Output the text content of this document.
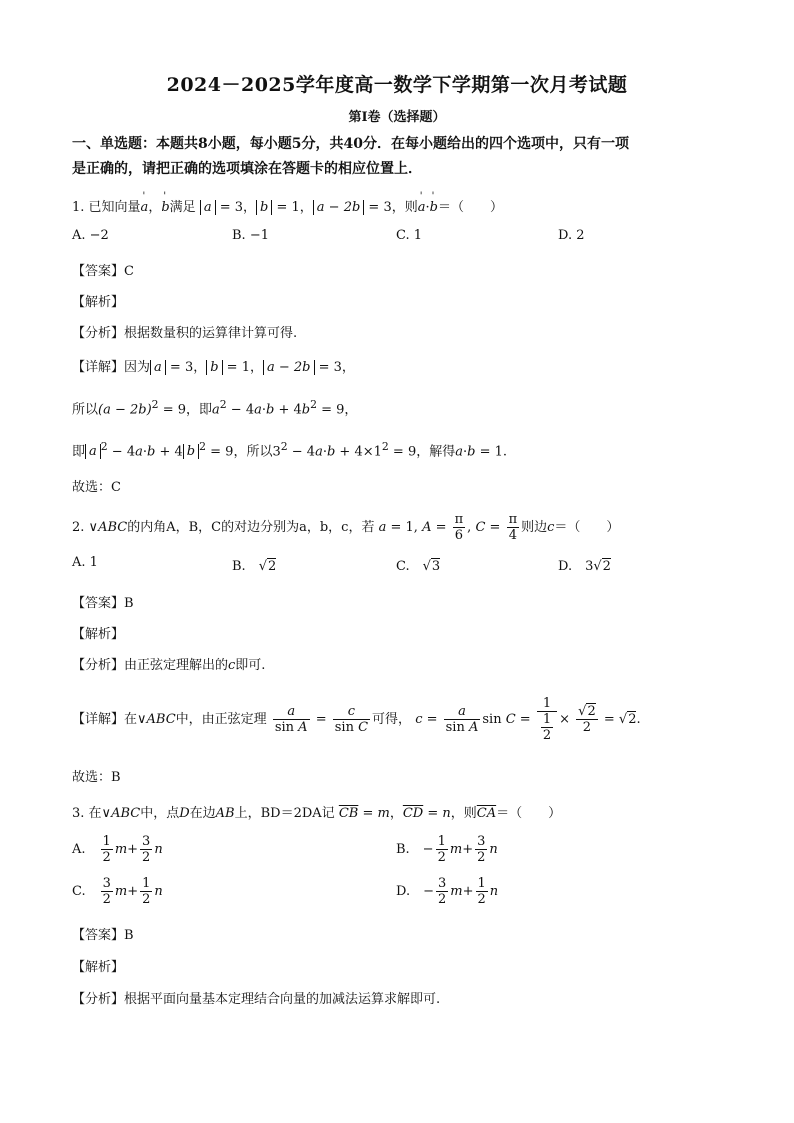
2024－2025学年度高一数学下学期第一次月考试题
第Ⅰ卷（选择题）
一、单选题：本题共8小题，每小题5分，共40分．在每小题给出的四个选项中，只有一项
是正确的，请把正确的选项填涂在答题卡的相应位置上．
1. 已知向量' a，' b满足 a = 3， b = 1， a − 2b = 3，则' a·' b＝（　　）
A. −2	B. −1	C. 1	D. 2
【答案】C
【解析】
【分析】根据数量积的运算律计算可得.
【详解】因为 a = 3， b = 1， a − 2b = 3，
所以$(a - 2b)^2 = 9$，即$a^2 - 4a\cdot b + 4b^2 = 9$，
即 a $^2$ − 4a·b + 4 b $^2$ = 9，所以$3^2 - 4a\cdot b + 4\times 1^2 = 9$，解得a·b = 1.
故选：C
2. ∨ABC的内角A，B，C的对边分别为a，b，c，若 a = 1, $A = \frac{\pi}{6}$ , $C = \frac{\pi}{4}$ 则边c＝（　　）
A. 1	B.　√2	C.　√3	D.　3√2
【答案】B
【解析】
【分析】由正弦定理解出的c即可.
【详解】在∨ABC中，由正弦定理 $\frac{a}{\text{sin A}} = \frac{c}{\text{sin C}}$ 可得， $c = \frac{a}{\text{sin A}}$ $\sin C = \frac{1}{\frac{1}{2}} \times \frac{√2}{2} = √2$.
故选：B
3. 在∨ABC中，点D在边AB上，BD＝2DA记 $\overline{CB} = m$，$\overline{CD} = n$，则$\overline{CA}=$（　　）
A.　 $\frac{1}{2} m+ \frac{3}{2}$ n	B.　− $\frac{1}{2} m+ \frac{3}{2}$ n
C.　 $\frac{3}{2} m+ \frac{1}{2}$ n	D.　− $\frac{3}{2} m+ \frac{1}{2}$ n
【答案】B
【解析】
【分析】根据平面向量基本定理结合向量的加减法运算求解即可.
